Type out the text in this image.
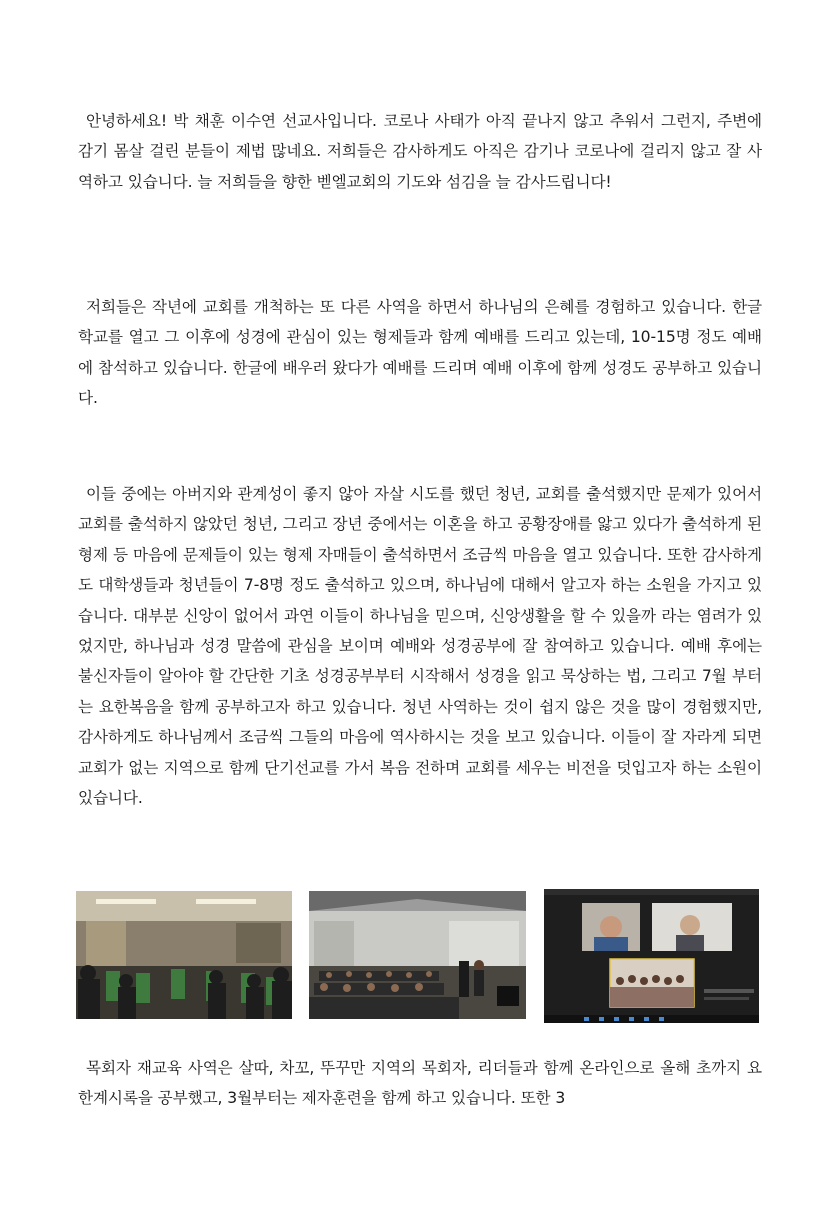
안녕하세요! 박 채훈 이수연 선교사입니다. 코로나 사태가 아직 끝나지 않고 추워서 그런지, 주변에 감기 몸살 걸린 분들이 제법 많네요. 저희들은 감사하게도 아직은 감기나 코로나에 걸리지 않고 잘 사역하고 있습니다. 늘 저희들을 향한 벧엘교회의 기도와 섬김을 늘 감사드립니다!

저희들은 작년에 교회를 개척하는 또 다른 사역을 하면서 하나님의 은혜를 경험하고 있습니다. 한글 학교를 열고 그 이후에 성경에 관심이 있는 형제들과 함께 예배를 드리고 있는데, 10-15명 정도 예배에 참석하고 있습니다. 한글에 배우러 왔다가 예배를 드리며 예배 이후에 함께 성경도 공부하고 있습니다.

이들 중에는 아버지와 관계성이 좋지 않아 자살 시도를 했던 청년, 교회를 출석했지만 문제가 있어서 교회를 출석하지 않았던 청년, 그리고 장년 중에서는 이혼을 하고 공황장애를 앓고 있다가 출석하게 된 형제 등 마음에 문제들이 있는 형제 자매들이 출석하면서 조금씩 마음을 열고 있습니다. 또한 감사하게도 대학생들과 청년들이 7-8명 정도 출석하고 있으며, 하나님에 대해서 알고자 하는 소원을 가지고 있습니다. 대부분 신앙이 없어서 과연 이들이 하나님을 믿으며, 신앙생활을 할 수 있을까 라는 염려가 있었지만, 하나님과 성경 말씀에 관심을 보이며 예배와 성경공부에 잘 참여하고 있습니다. 예배 후에는 불신자들이 알아야 할 간단한 기초 성경공부부터 시작해서 성경을 읽고 묵상하는 법, 그리고 7월 부터는 요한복음을 함께 공부하고자 하고 있습니다. 청년 사역하는 것이 쉽지 않은 것을 많이 경험했지만, 감사하게도 하나님께서 조금씩 그들의 마음에 역사하시는 것을 보고 있습니다. 이들이 잘 자라게 되면 교회가 없는 지역으로 함께 단기선교를 가서 복음 전하며 교회를 세우는 비전을 덧입고자 하는 소원이 있습니다.

목회자 재교육 사역은 살따, 차꼬, 뚜꾸만 지역의 목회자, 리더들과 함께 온라인으로 올해 초까지 요한계시록을 공부했고, 3월부터는 제자훈련을 함께 하고 있습니다. 또한 3
